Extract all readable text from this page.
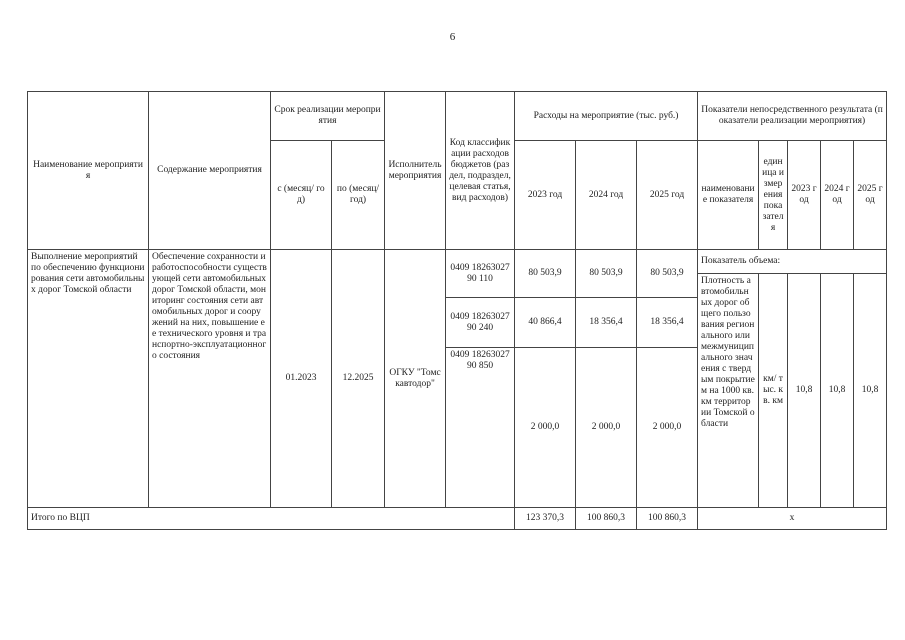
6
Наименование мероприятия	Содержание мероприятия	Срок реализации мероприятия		Исполнитель мероприятия	Код классификации расходов бюджетов (раздел, подраздел, целевая статья, вид расходов)	Расходы на мероприятие (тыс. руб.)			Показатели непосредственного результата (показатели реализации мероприятия)				
		с (месяц/ год)	по (месяц/ год)			2023 год	2024 год	2025 год	наименование показателя	единица измерения показателя	2023 год	2024 год	2025 год
Выполнение мероприятий по обеспечению функционирования сети автомобильных дорог Томской области	Обеспечение сохранности и работоспособности существующей сети автомобильных дорог Томской области, мониторинг состояния сети автомобильных дорог и сооружений на них, повышение ее технического уровня и транспортно-эксплуатационного состояния	01.2023	12.2025	ОГКУ "Томскавтодор"	0409 1826302790 110	80 503,9	80 503,9	80 503,9	Показатель объема:				
									Плотность автомобильных дорог общего пользования регионального или межмуниципального значения с твердым покрытием на 1000 кв. км территории Томской области	км/ тыс. кв. км	10,8	10,8	10,8
					0409 1826302790 240	40 866,4	18 356,4	18 356,4					
					0409 1826302790 850	2 000,0	2 000,0	2 000,0					
Итого по ВЦП						123 370,3	100 860,3	100 860,3	x				
